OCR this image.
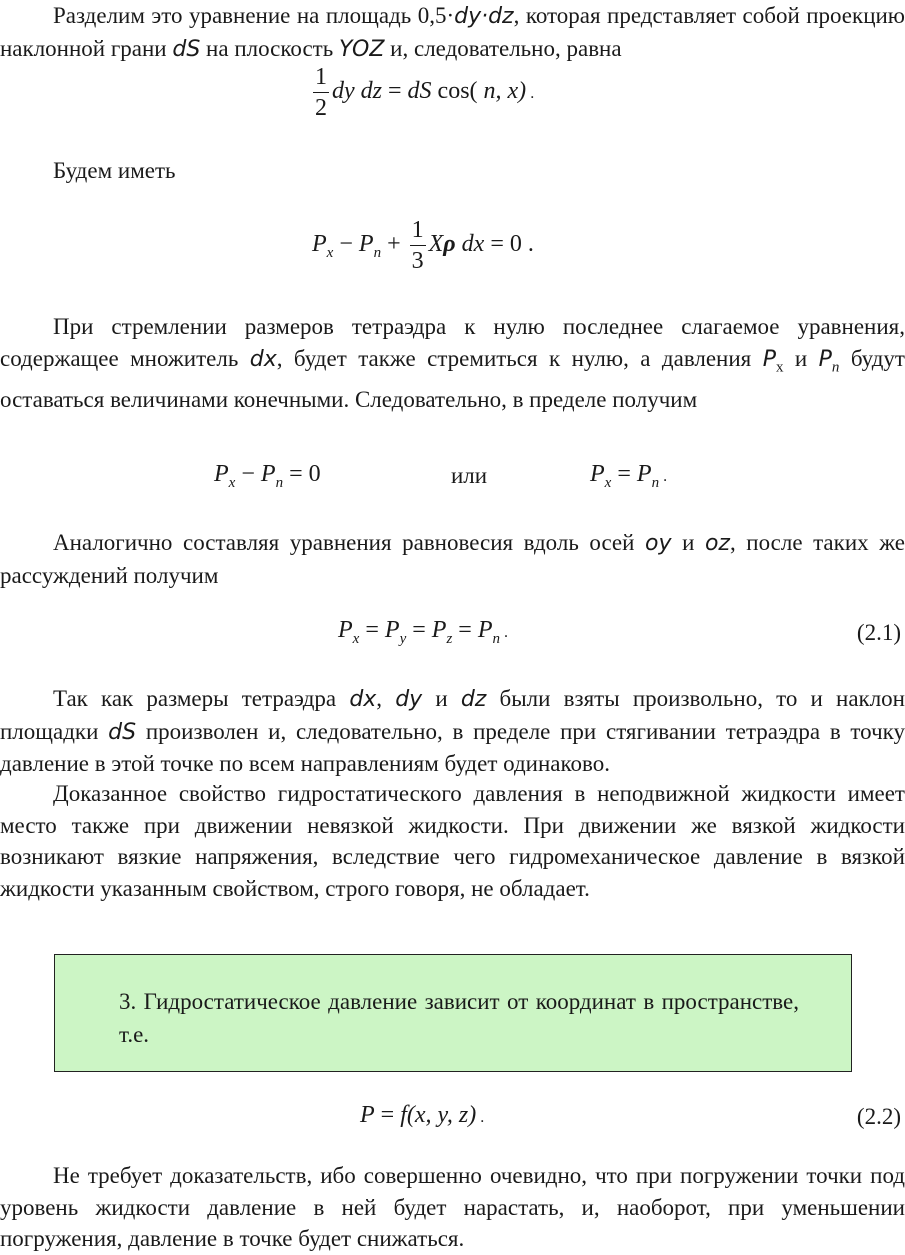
Разделим это уравнение на площадь 0,5·dy·dz, которая представляет собой проекцию наклонной грани dS на плоскость YOZ и, следовательно, равна

$\frac{1}{2}$ dy dz = dS cos( n, x) .

Будем иметь

$P_x - P_n + \frac{1}{3}$ Xρ dx = 0 .

При стремлении размеров тетраэдра к нулю последнее слагаемое уравнения, содержащее множитель dx, будет также стремиться к нулю, а давления $P_x$ и $P_n$ будут оставаться величинами конечными. Следовательно, в пределе получим

$P_x - P_n = 0$	или	$P_x = P_n$ .

Аналогично составляя уравнения равновесия вдоль осей oy и oz, после таких же рассуждений получим

$P_x = P_y = P_z = P_n$ .	(2.1)

Так как размеры тетраэдра dx, dy и dz были взяты произвольно, то и наклон площадки dS произволен и, следовательно, в пределе при стягивании тетраэдра в точку давление в этой точке по всем направлениям будет одинаково.

Доказанное свойство гидростатического давления в неподвижной жидкости имеет место также при движении невязкой жидкости. При движении же вязкой жидкости возникают вязкие напряжения, вследствие чего гидромеханическое давление в вязкой жидкости указанным свойством, строго говоря, не обладает.

3. Гидростатическое давление зависит от координат в пространстве, т.е.

P = f(x, y, z) .	(2.2)

Не требует доказательств, ибо совершенно очевидно, что при погружении точки под уровень жидкости давление в ней будет нарастать, и, наоборот, при уменьшении погружения, давление в точке будет снижаться.
